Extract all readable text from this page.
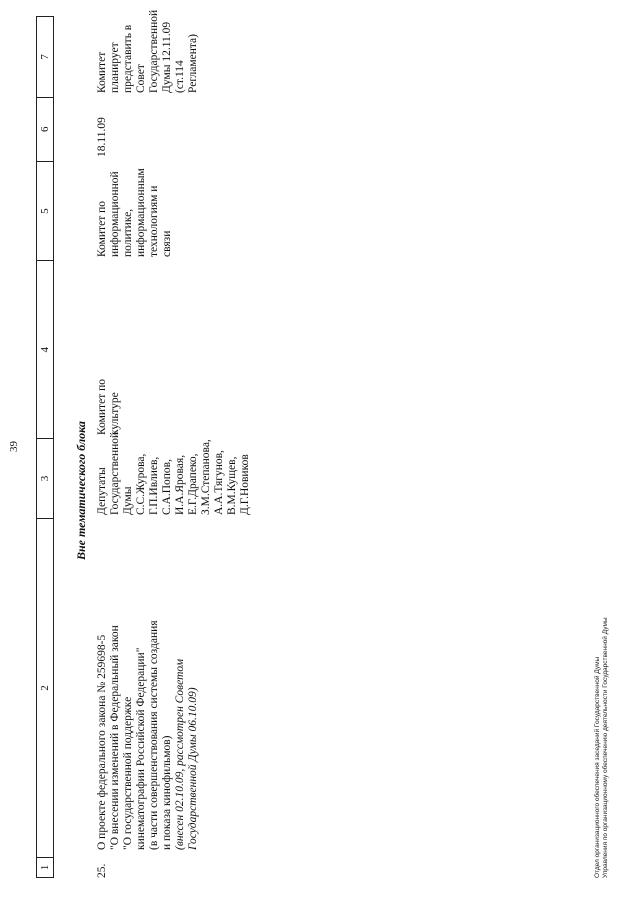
39
1
2
3
4
5
6
7
Вне тематического блока
25.
О проекте федерального закона № 259698-5 "О внесении изменений в Федеральный закон "О государственной поддержке кинематографии Российской Федерации" (в части совершенствования системы создания и показа кинофильмов) (внесен 02.10.09, рассмотрен Советом Государственной Думы 06.10.09)
Депутаты Государственной Думы С.С.Журова, Г.П.Ивлиев, С.А.Попов, И.А.Яровая, Е.Г.Драпеко, З.М.Степанова, А.А.Тягунов, В.М.Кущев, Д.Г.Новиков
Комитет по культуре
Комитет по информационной политике, информационным технологиям и связи
18.11.09
Комитет планирует представить в Совет Государственной Думы 12.11.09 (ст.114 Регламента)
Отдел организационного обеспечения заседаний Государственной Думы Управления по организационному обеспечению деятельности Государственной Думы
